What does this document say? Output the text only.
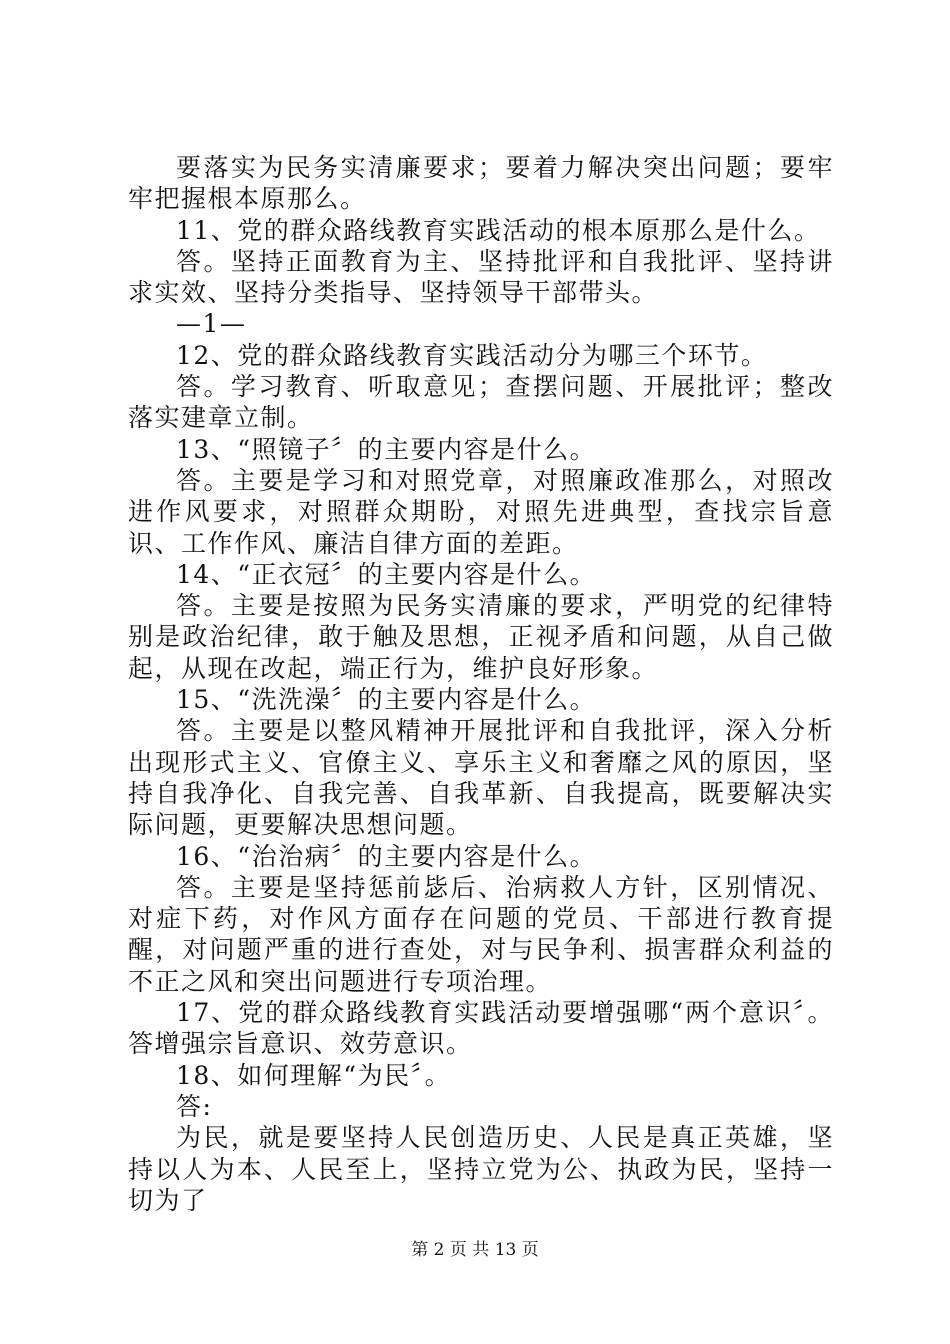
要落实为民务实清廉要求；要着力解决突出问题；要牢牢把握根本原那么。

11、党的群众路线教育实践活动的根本原那么是什么。

答。坚持正面教育为主、坚持批评和自我批评、坚持讲求实效、坚持分类指导、坚持领导干部带头。

—1—

12、党的群众路线教育实践活动分为哪三个环节。

答。学习教育、听取意见；查摆问题、开展批评；整改落实建章立制。

13、“照镜子〞的主要内容是什么。

答。主要是学习和对照党章，对照廉政准那么，对照改进作风要求，对照群众期盼，对照先进典型，查找宗旨意识、工作作风、廉洁自律方面的差距。

14、“正衣冠〞的主要内容是什么。

答。主要是按照为民务实清廉的要求，严明党的纪律特别是政治纪律，敢于触及思想，正视矛盾和问题，从自己做起，从现在改起，端正行为，维护良好形象。

15、“洗洗澡〞的主要内容是什么。

答。主要是以整风精神开展批评和自我批评，深入分析出现形式主义、官僚主义、享乐主义和奢靡之风的原因，坚持自我净化、自我完善、自我革新、自我提高，既要解决实际问题，更要解决思想问题。

16、“治治病〞的主要内容是什么。

答。主要是坚持惩前毖后、治病救人方针，区别情况、对症下药，对作风方面存在问题的党员、干部进行教育提醒，对问题严重的进行查处，对与民争利、损害群众利益的不正之风和突出问题进行专项治理。

17、党的群众路线教育实践活动要增强哪“两个意识〞。答增强宗旨意识、效劳意识。

18、如何理解“为民〞。

答:

为民，就是要坚持人民创造历史、人民是真正英雄，坚持以人为本、人民至上，坚持立党为公、执政为民，坚持一切为了

第 2 页 共 13 页
